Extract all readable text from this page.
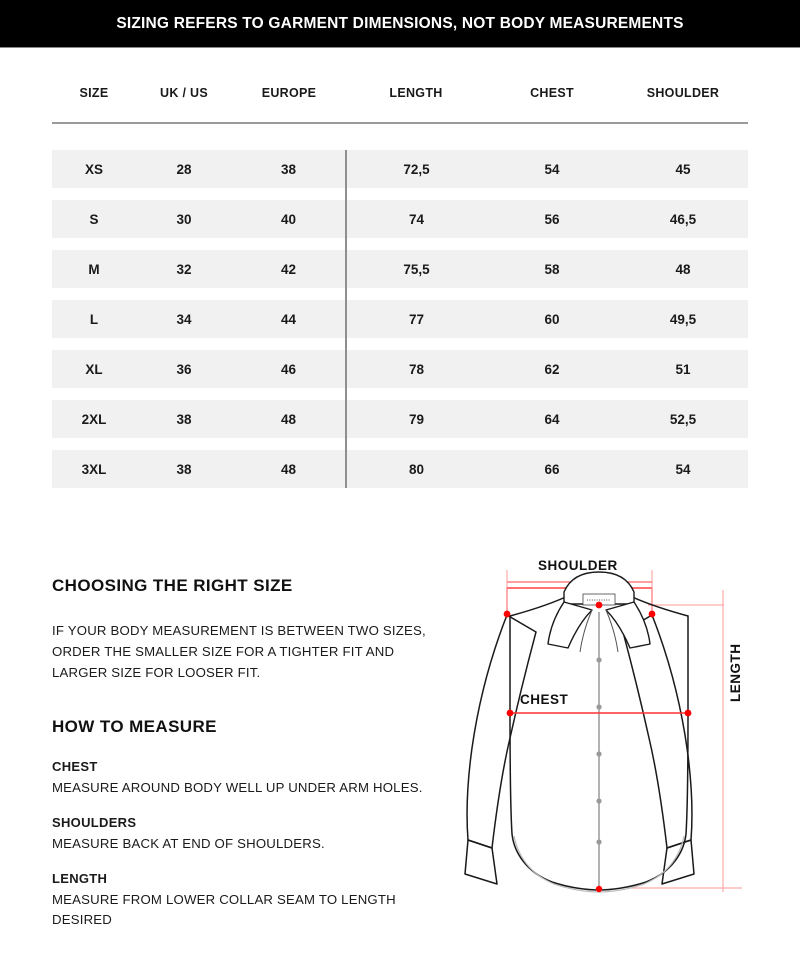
SIZING REFERS TO GARMENT DIMENSIONS, NOT BODY MEASUREMENTS
SIZE	UK / US	EUROPE	LENGTH	CHEST	SHOULDER

XS	28	38	72,5	54	45

S	30	40	74	56	46,5

M	32	42	75,5	58	48

L	34	44	77	60	49,5

XL	36	46	78	62	51

2XL	38	48	79	64	52,5

3XL	38	48	80	66	54
CHOOSING THE RIGHT SIZE

IF YOUR BODY MEASUREMENT IS BETWEEN TWO SIZES, ORDER THE SMALLER SIZE FOR A TIGHTER FIT AND LARGER SIZE FOR LOOSER FIT.

HOW TO MEASURE
CHEST

MEASURE AROUND BODY WELL UP UNDER ARM HOLES.

SHOULDERS

MEASURE BACK AT END OF SHOULDERS.

LENGTH

MEASURE FROM LOWER COLLAR SEAM TO LENGTH DESIRED

SHOULDER
CHEST	LENGTH
